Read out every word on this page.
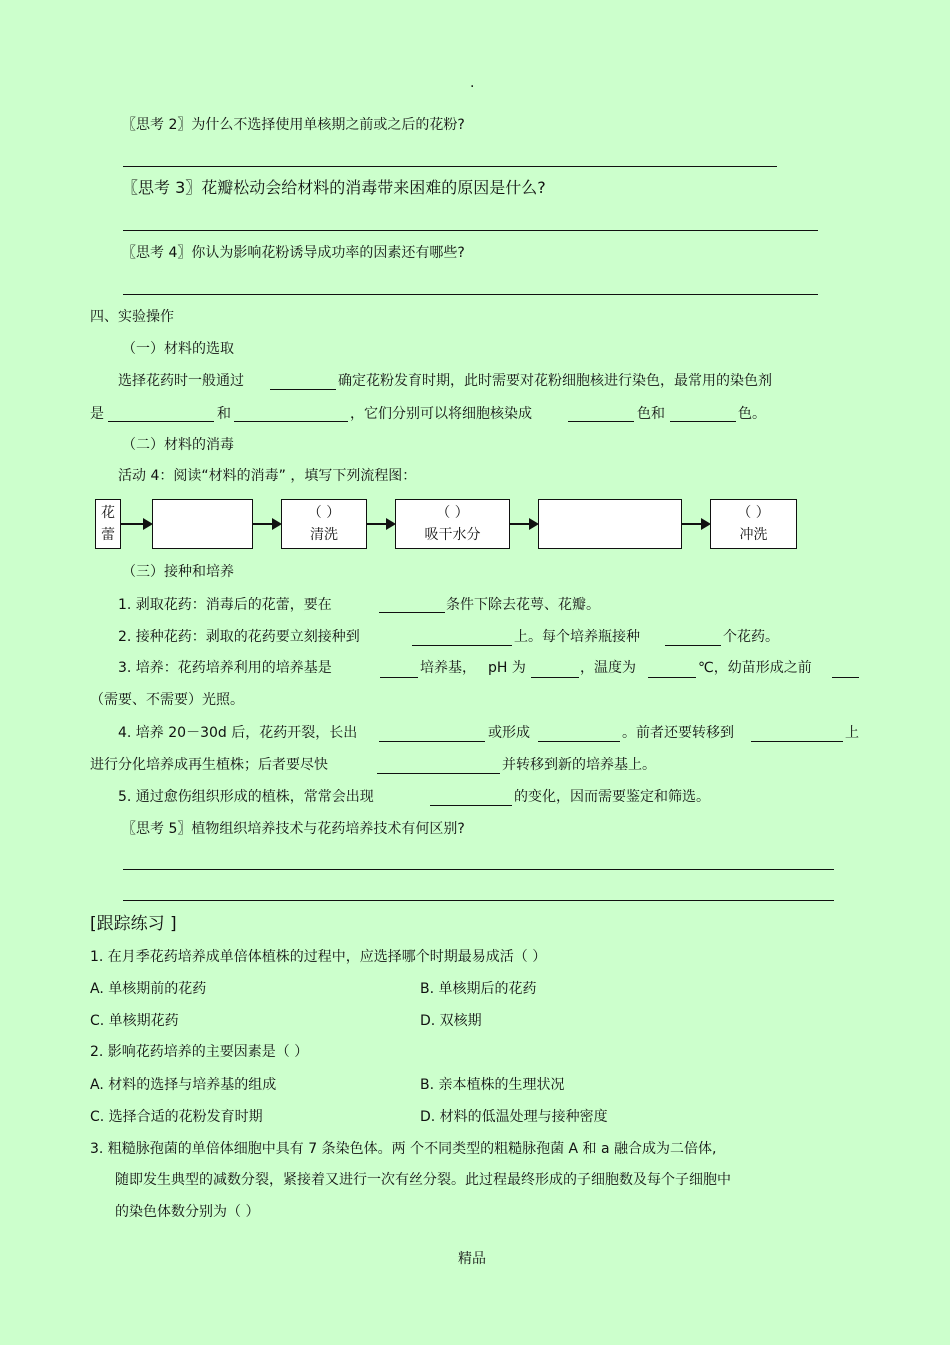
.
〖思考 2〗为什么不选择使用单核期之前或之后的花粉?
〖思考 3〗花瓣松动会给材料的消毒带来困难的原因是什么?
〖思考 4〗你认为影响花粉诱导成功率的因素还有哪些?
四、实验操作
（一）材料的选取
选择花药时一般通过	确定花粉发育时期，此时需要对花粉细胞核进行染色，最常用的染色剂
是	和	，它们分别可以将细胞核染成	色和	色。
（二）材料的消毒
活动 4：阅读“材料的消毒” ，填写下列流程图：
花
蕾
（ ）
清洗
（ ）
吸干水分
（ ）
冲洗
（三）接种和培养
1. 剥取花药：消毒后的花蕾，要在	条件下除去花萼、花瓣。
2. 接种花药：剥取的花药要立刻接种到	上。每个培养瓶接种	个花药。
3. 培养：花药培养利用的培养基是	培养基， pH 为	，温度为	℃，幼苗形成之前
（需要、不需要）光照。
4. 培养 20－30d 后，花药开裂，长出	或形成	。前者还要转移到	上
进行分化培养成再生植株；后者要尽快	并转移到新的培养基上。
5. 通过愈伤组织形成的植株，常常会出现	的变化，因而需要鉴定和筛选。
〖思考 5〗植物组织培养技术与花药培养技术有何区别?
[跟踪练习 ]
1. 在月季花药培养成单倍体植株的过程中，应选择哪个时期最易成活（ ）
A. 单核期前的花药	B. 单核期后的花药
C. 单核期花药	D. 双核期
2. 影响花药培养的主要因素是（ ）
A. 材料的选择与培养基的组成	B. 亲本植株的生理状况
C. 选择合适的花粉发育时期	D. 材料的低温处理与接种密度
3. 粗糙脉孢菌的单倍体细胞中具有 7 条染色体。两 个不同类型的粗糙脉孢菌 A 和 a 融合成为二倍体,
随即发生典型的减数分裂，紧接着又进行一次有丝分裂。此过程最终形成的子细胞数及每个子细胞中
的染色体数分别为（ ）
精品
